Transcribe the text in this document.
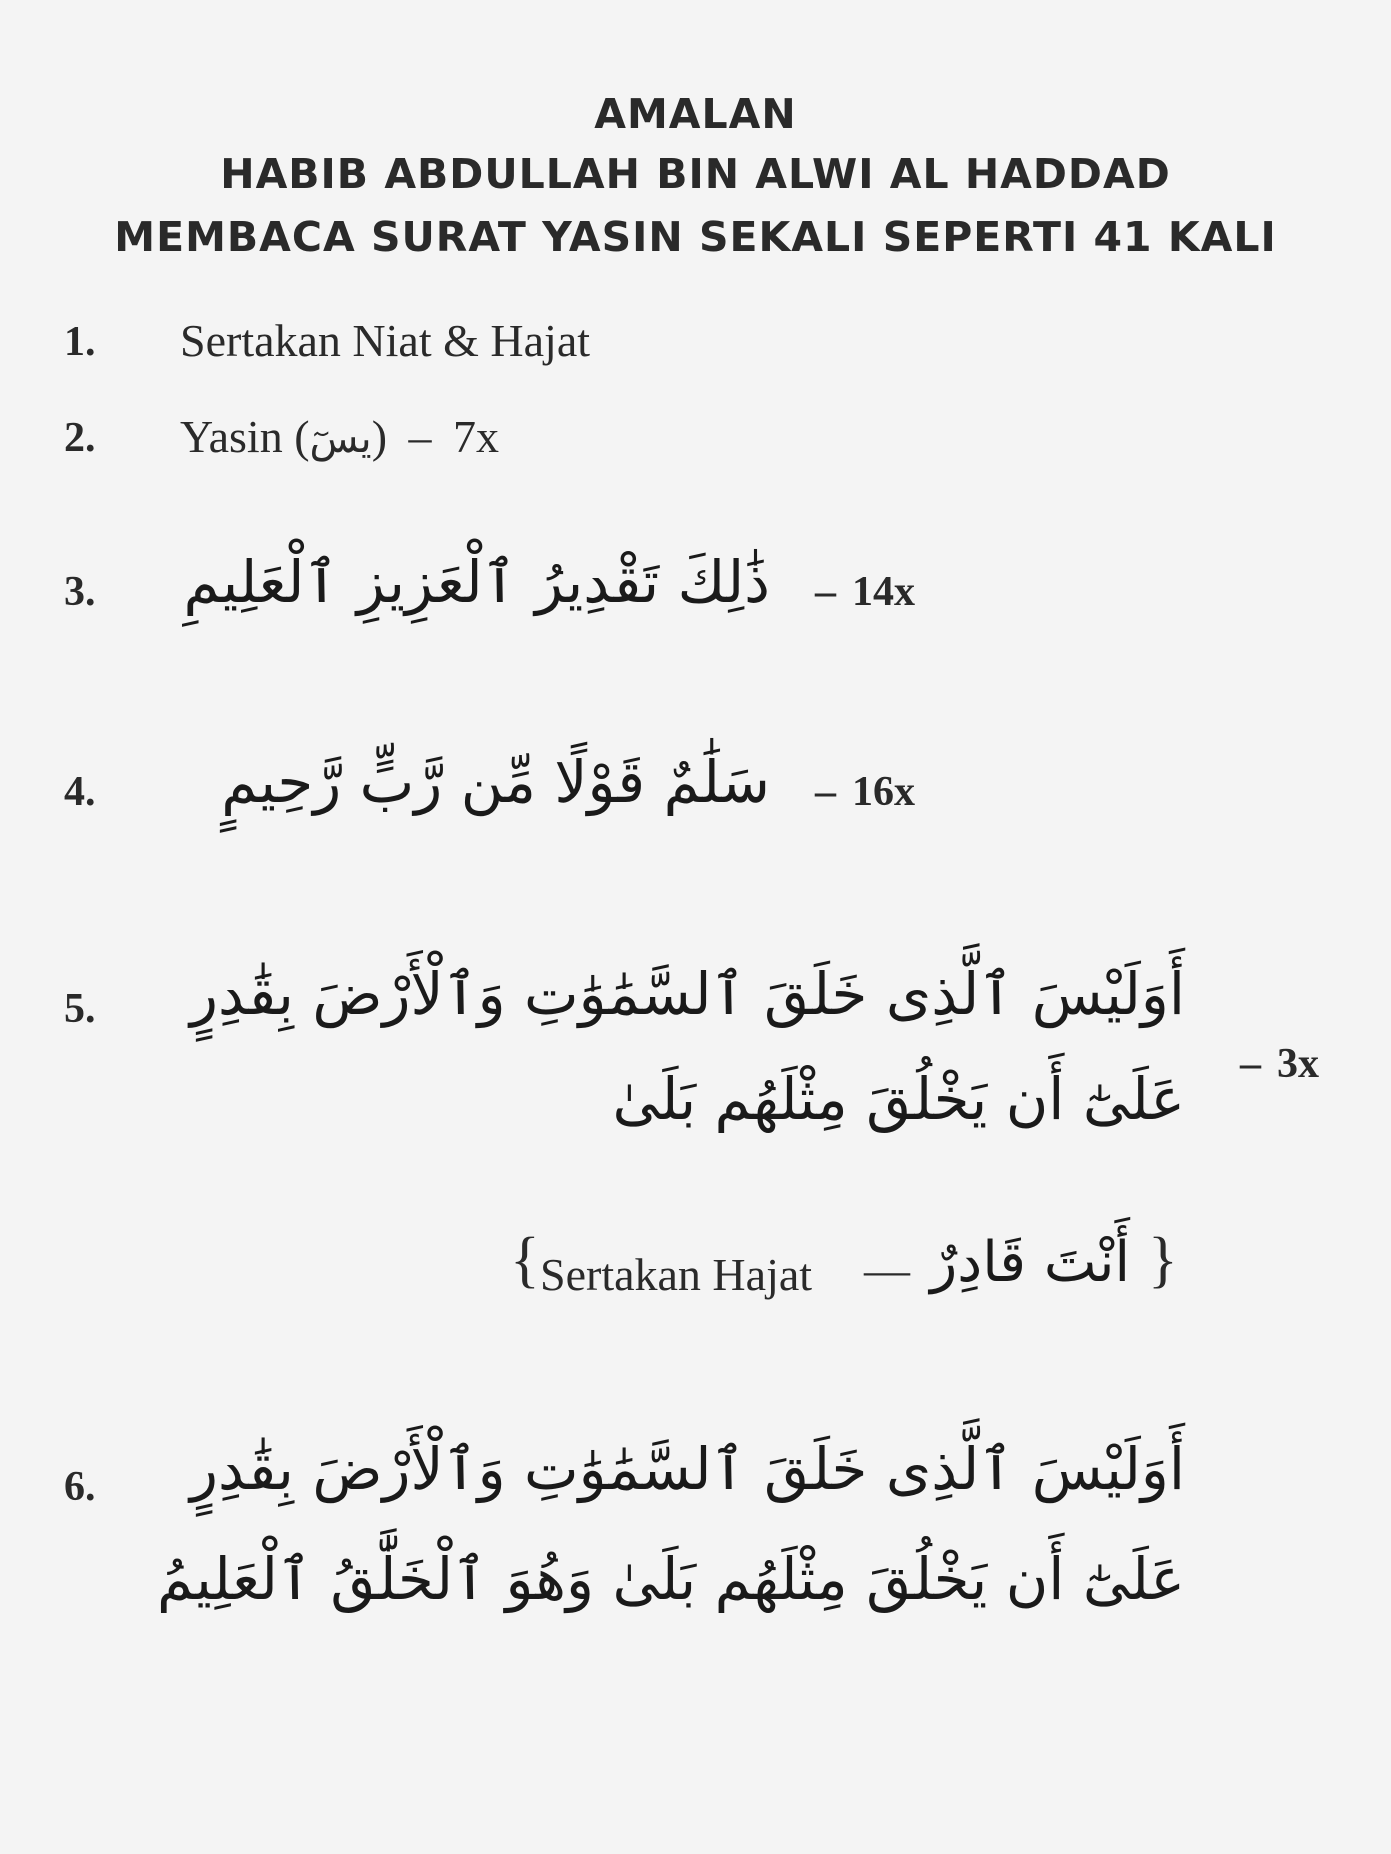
AMALAN
HABIB ABDULLAH BIN ALWI AL HADDAD
MEMBACA SURAT YASIN SEKALI SEPERTI 41 KALI
1. Sertakan Niat & Hajat
2. Yasin (يسٓ) – 7x
3. ذَٰلِكَ تَقْدِيرُ ٱلْعَزِيزِ ٱلْعَلِيمِ – 14x
4.	سَلَٰمٌ قَوْلًا مِّن رَّبٍّ رَّحِيمٍ – 16x
5.	أَوَلَيْسَ ٱلَّذِى خَلَقَ ٱلسَّمَٰوَٰتِ وَٱلْأَرْضَ بِقَٰدِرٍ
عَلَىٰٓ أَن يَخْلُقَ مِثْلَهُم بَلَىٰ
– 3x
{ Sertakan Hajat — أَنْتَ قَادِرٌ }
6.	أَوَلَيْسَ ٱلَّذِى خَلَقَ ٱلسَّمَٰوَٰتِ وَٱلْأَرْضَ بِقَٰدِرٍ
عَلَىٰٓ أَن يَخْلُقَ مِثْلَهُم بَلَىٰ وَهُوَ ٱلْخَلَّٰقُ ٱلْعَلِيمُ
